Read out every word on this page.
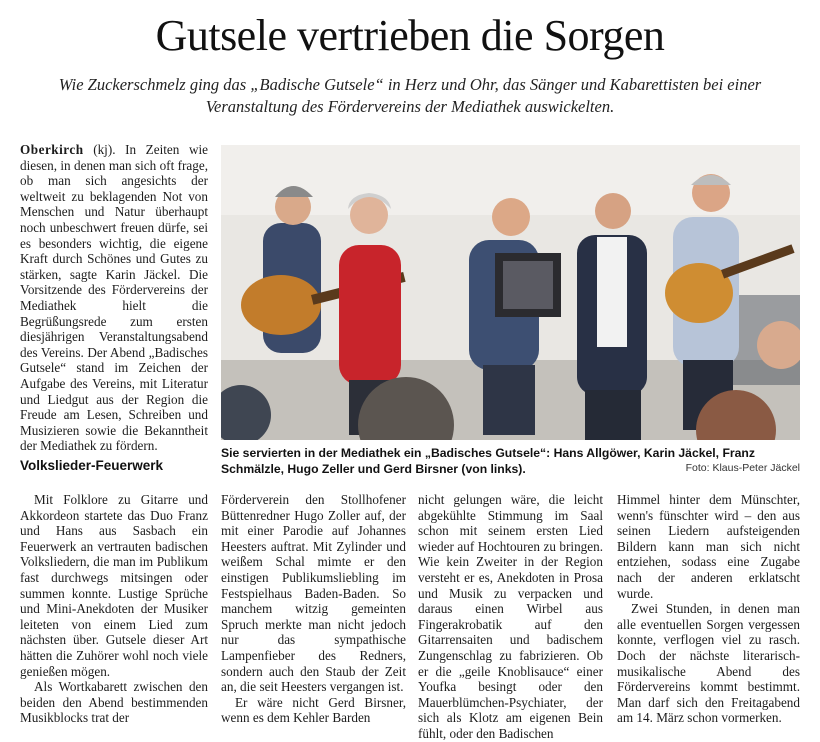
Gutsele vertrieben die Sorgen

Wie Zuckerschmelz ging das „Badische Gutsele“ in Herz und Ohr, das Sänger und Kabarettisten bei einer Veranstaltung des Fördervereins der Mediathek auswickelten.

Oberkirch (kj). In Zeiten wie diesen, in denen man sich oft frage, ob man sich angesichts der weltweit zu beklagenden Not von Menschen und Natur überhaupt noch unbeschwert freuen dürfe, sei es besonders wichtig, die eigene Kraft durch Schönes und Gutes zu stärken, sagte Karin Jäckel. Die Vorsitzende des Fördervereins der Mediathek hielt die Begrüßungsrede zum ersten diesjährigen Veranstaltungsabend des Vereins. Der Abend „Badisches Gutsele“ stand im Zeichen der Aufgabe des Vereins, mit Literatur und Liedgut aus der Region die Freude am Lesen, Schreiben und Musizieren sowie die Bekanntheit der Mediathek zu fördern.	Sie servierten in der Mediathek ein „Badisches Gutsele“: Hans Allgöwer, Karin Jäckel, Franz Schmälzle, Hugo Zeller und Gerd Birsner (von links).	Foto: Klaus-Peter Jäckel
Volkslieder-Feuerwerk

Mit Folklore zu Gitarre und Akkordeon startete das Duo Franz und Hans aus Sasbach ein Feuerwerk an vertrauten badischen Volksliedern, die man im Publikum fast durchwegs mitsingen oder summen konnte. Lustige Sprüche und Mini-Anekdoten der Musiker leiteten von einem Lied zum nächsten über. Gutsele dieser Art hätten die Zuhörer wohl noch viele genießen mögen.

Als Wortkabarett zwischen den beiden den Abend bestimmenden Musikblocks trat der

Förderverein den Stollhofener Büttenredner Hugo Zoller auf, der mit einer Parodie auf Johannes Heesters auftrat. Mit Zylinder und weißem Schal mimte er den einstigen Publikumsliebling im Festspielhaus Baden-Baden. So manchem witzig gemeinten Spruch merkte man nicht jedoch nur das sympathische Lampenfieber des Redners, sondern auch den Staub der Zeit an, die seit Heesters vergangen ist.

Er wäre nicht Gerd Birsner, wenn es dem Kehler Barden

nicht gelungen wäre, die leicht abgekühlte Stimmung im Saal schon mit seinem ersten Lied wieder auf Hochtouren zu bringen. Wie kein Zweiter in der Region versteht er es, Anekdoten in Prosa und Musik zu verpacken und daraus einen Wirbel aus Fingerakrobatik auf den Gitarrensaiten und badischem Zungenschlag zu fabrizieren. Ob er die „geile Knoblisauce“ einer Youfka besingt oder den Mauerblümchen-Psychiater, der sich als Klotz am eigenen Bein fühlt, oder den Badischen

Himmel hinter dem Münschter, wenn's fünschter wird – den aus seinen Liedern aufsteigenden Bildern kann man sich nicht entziehen, sodass eine Zugabe nach der anderen erklatscht wurde.

Zwei Stunden, in denen man alle eventuellen Sorgen vergessen konnte, verflogen viel zu rasch. Doch der nächste literarisch-musikalische Abend des Fördervereins kommt bestimmt. Man darf sich den Freitagabend am 14. März schon vormerken.
